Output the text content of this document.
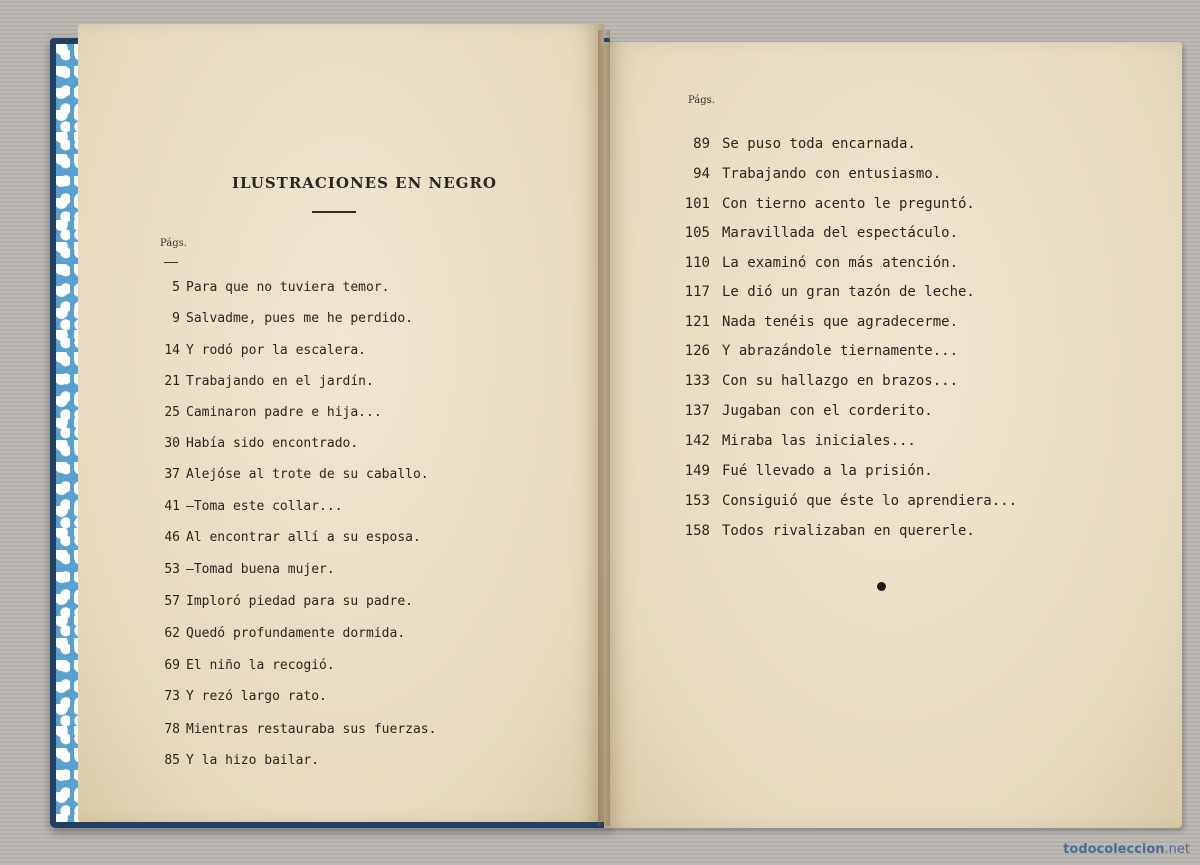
ILUSTRACIONES EN NEGRO
Págs.
5 Para que no tuviera temor.
9 Salvadme, pues me he perdido.
14 Y rodó por la escalera.
21 Trabajando en el jardín.
25 Caminaron padre e hija...
30 Había sido encontrado.
37 Alejóse al trote de su caballo.
41 —Toma este collar...
46 Al encontrar allí a su esposa.
53 —Tomad buena mujer.
57 Imploró piedad para su padre.
62 Quedó profundamente dormida.
69 El niño la recogió.
73 Y rezó largo rato.
78 Mientras restauraba sus fuerzas.
85 Y la hizo bailar.
Págs.
89 Se puso toda encarnada.
94 Trabajando con entusiasmo.
101 Con tierno acento le preguntó.
105 Maravillada del espectáculo.
110 La examinó con más atención.
117 Le dió un gran tazón de leche.
121 Nada tenéis que agradecerme.
126 Y abrazándole tiernamente...
133 Con su hallazgo en brazos...
137 Jugaban con el corderito.
142 Miraba las iniciales...
149 Fué llevado a la prisión.
153 Consiguió que éste lo aprendiera...
158 Todos rivalizaban en quererle.
todocoleccion.net
